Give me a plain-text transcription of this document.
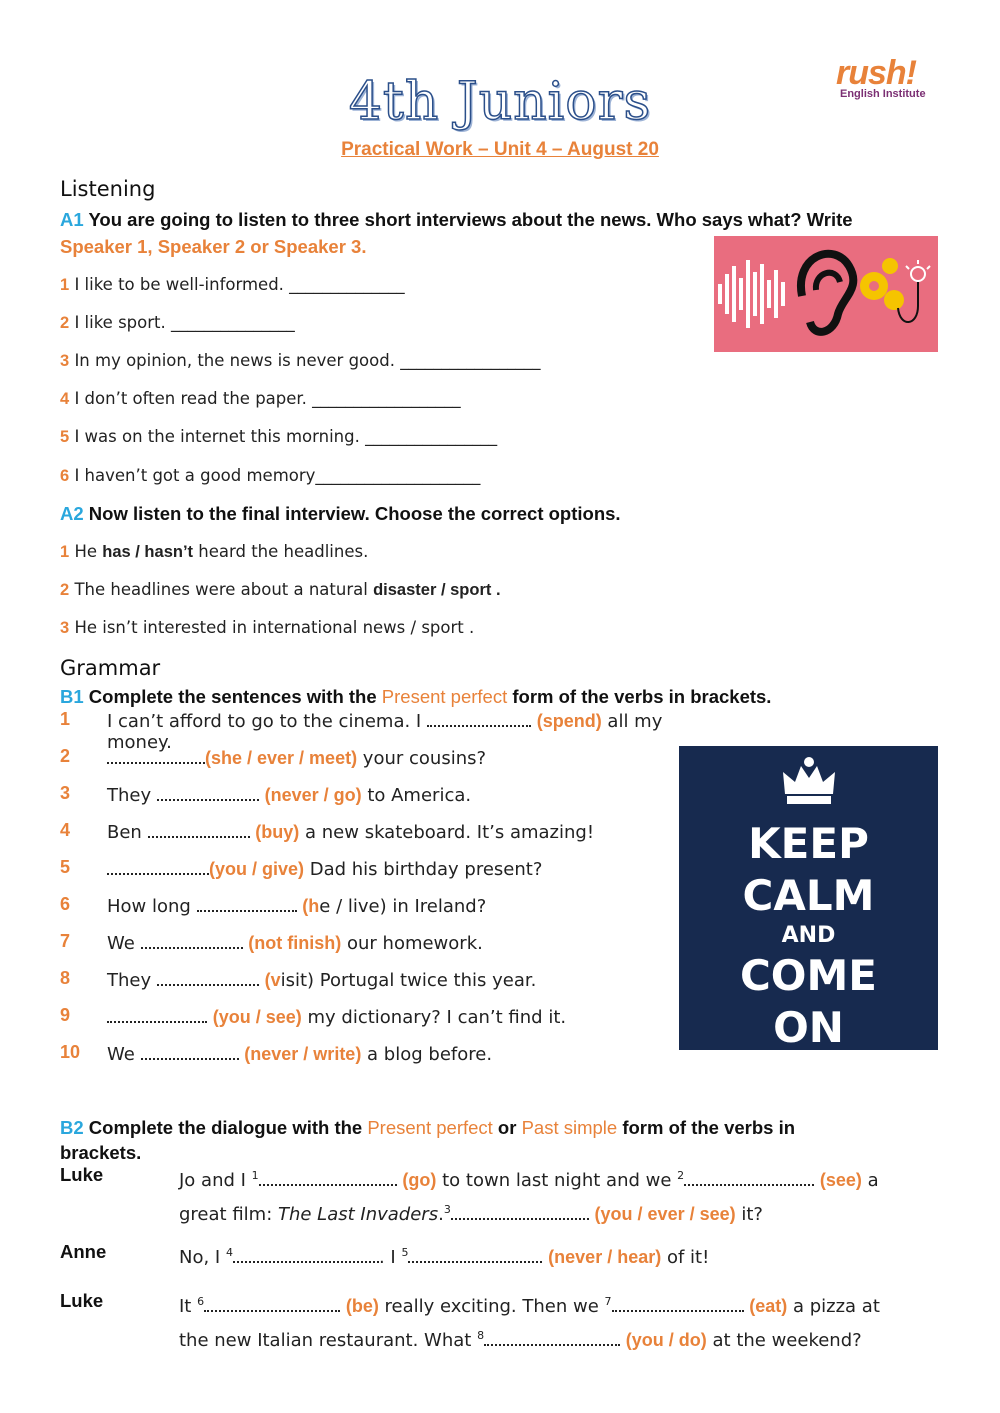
4th Juniors
Practical Work – Unit 4 – August 20
rush!
English Institute
Listening
A1 You are going to listen to three short interviews about the news. Who says what? Write
Speaker 1, Speaker 2 or Speaker 3.
1 I like to be well-informed. ______________
2 I like sport. _______________
3 In my opinion, the news is never good. _________________
4 I don’t often read the paper. __________________
5 I was on the internet this morning. ________________
6 I haven’t got a good memory____________________
A2 Now listen to the final interview. Choose the correct options.
1 He has / hasn’t heard the headlines.
2 The headlines were about a natural disaster / sport .
3 He isn’t interested in international news / sport .
Grammar
B1 Complete the sentences with the Present perfect form of the verbs in brackets.
1 I can’t afford to go to the cinema. I	(spend) all my money.
2	(she / ever / meet) your cousins?
3 They	(never / go) to America.
4 Ben	(buy) a new skateboard. It’s amazing!
5	(you / give) Dad his birthday present?
6 How long	(he / live) in Ireland?
7 We	(not finish) our homework.
8 They	(visit) Portugal twice this year.
9	(you / see) my dictionary? I can’t find it.
10 We	(never / write) a blog before.
KEEP
CALM
AND
COME
ON
B2 Complete the dialogue with the Present perfect or Past simple form of the verbs in
brackets.
Luke	Jo and I $^1$	(go) to town last night and we $^2$	(see) a
great film: The Last Invaders.$^3$	(you / ever / see) it?
Anne	No, I $^4$	. I $^5$	(never / hear) of it!
Luke	It $^6$	(be) really exciting. Then we $^7$	(eat) a pizza at
the new Italian restaurant. What $^8$	(you / do) at the weekend?
